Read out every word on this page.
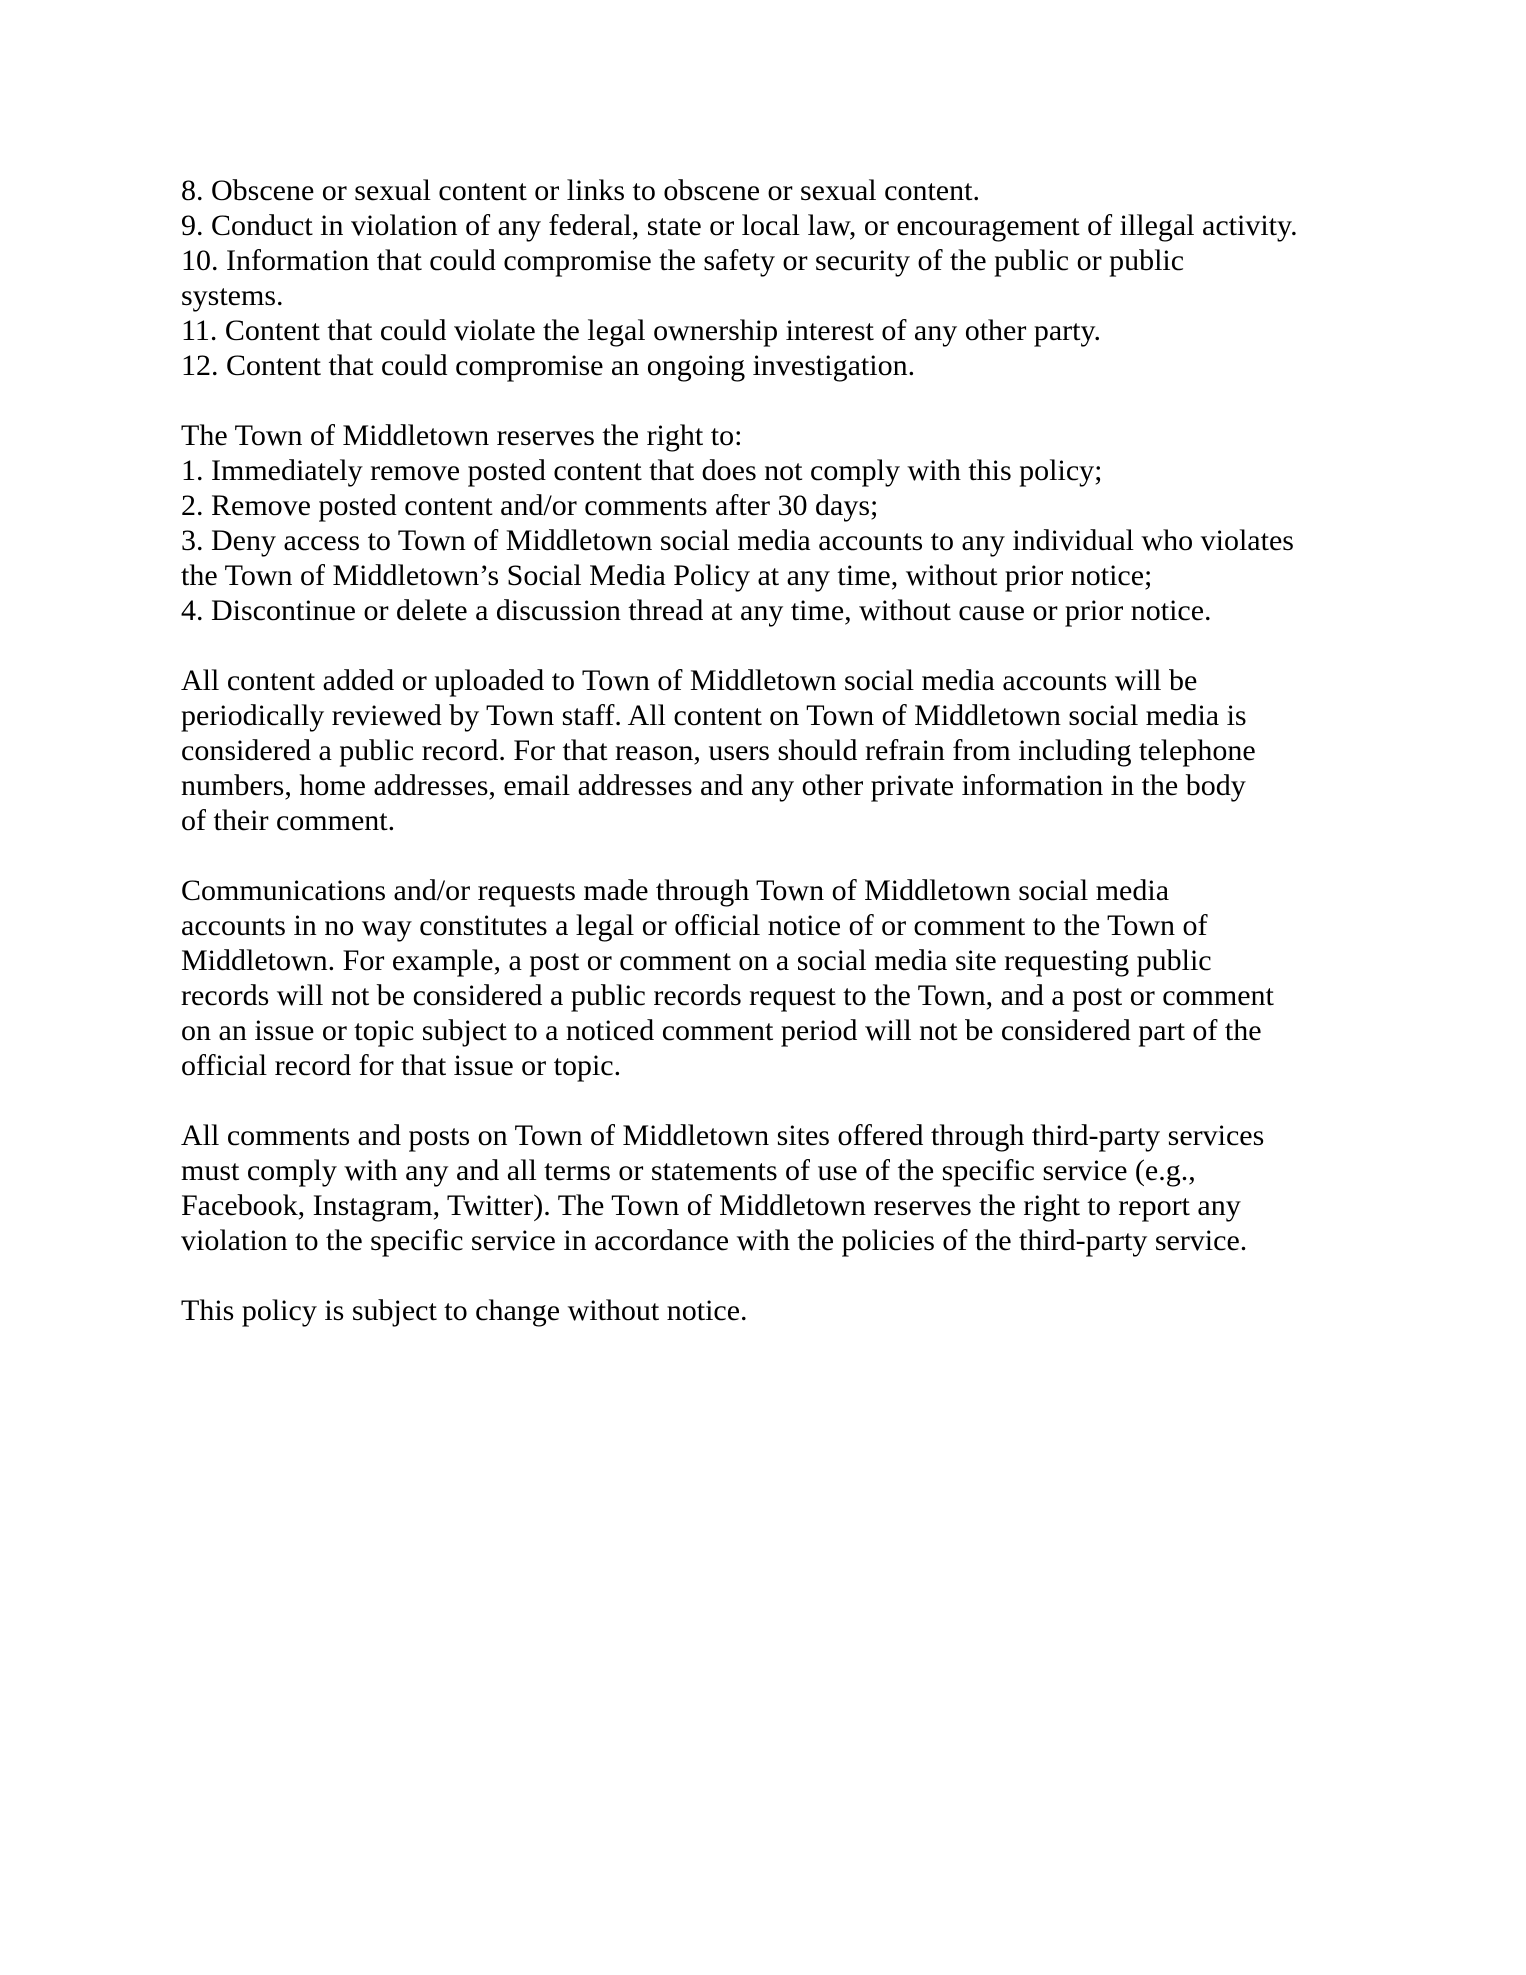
8. Obscene or sexual content or links to obscene or sexual content.
9. Conduct in violation of any federal, state or local law, or encouragement of illegal activity.
10. Information that could compromise the safety or security of the public or public
systems.
11. Content that could violate the legal ownership interest of any other party.
12. Content that could compromise an ongoing investigation.
The Town of Middletown reserves the right to:
1. Immediately remove posted content that does not comply with this policy;
2. Remove posted content and/or comments after 30 days;
3. Deny access to Town of Middletown social media accounts to any individual who violates
the Town of Middletown’s Social Media Policy at any time, without prior notice;
4. Discontinue or delete a discussion thread at any time, without cause or prior notice.
All content added or uploaded to Town of Middletown social media accounts will be
periodically reviewed by Town staff. All content on Town of Middletown social media is
considered a public record. For that reason, users should refrain from including telephone
numbers, home addresses, email addresses and any other private information in the body
of their comment.
Communications and/or requests made through Town of Middletown social media
accounts in no way constitutes a legal or official notice of or comment to the Town of
Middletown. For example, a post or comment on a social media site requesting public
records will not be considered a public records request to the Town, and a post or comment
on an issue or topic subject to a noticed comment period will not be considered part of the
official record for that issue or topic.
All comments and posts on Town of Middletown sites offered through third-party services
must comply with any and all terms or statements of use of the specific service (e.g.,
Facebook, Instagram, Twitter). The Town of Middletown reserves the right to report any
violation to the specific service in accordance with the policies of the third-party service.
This policy is subject to change without notice.
